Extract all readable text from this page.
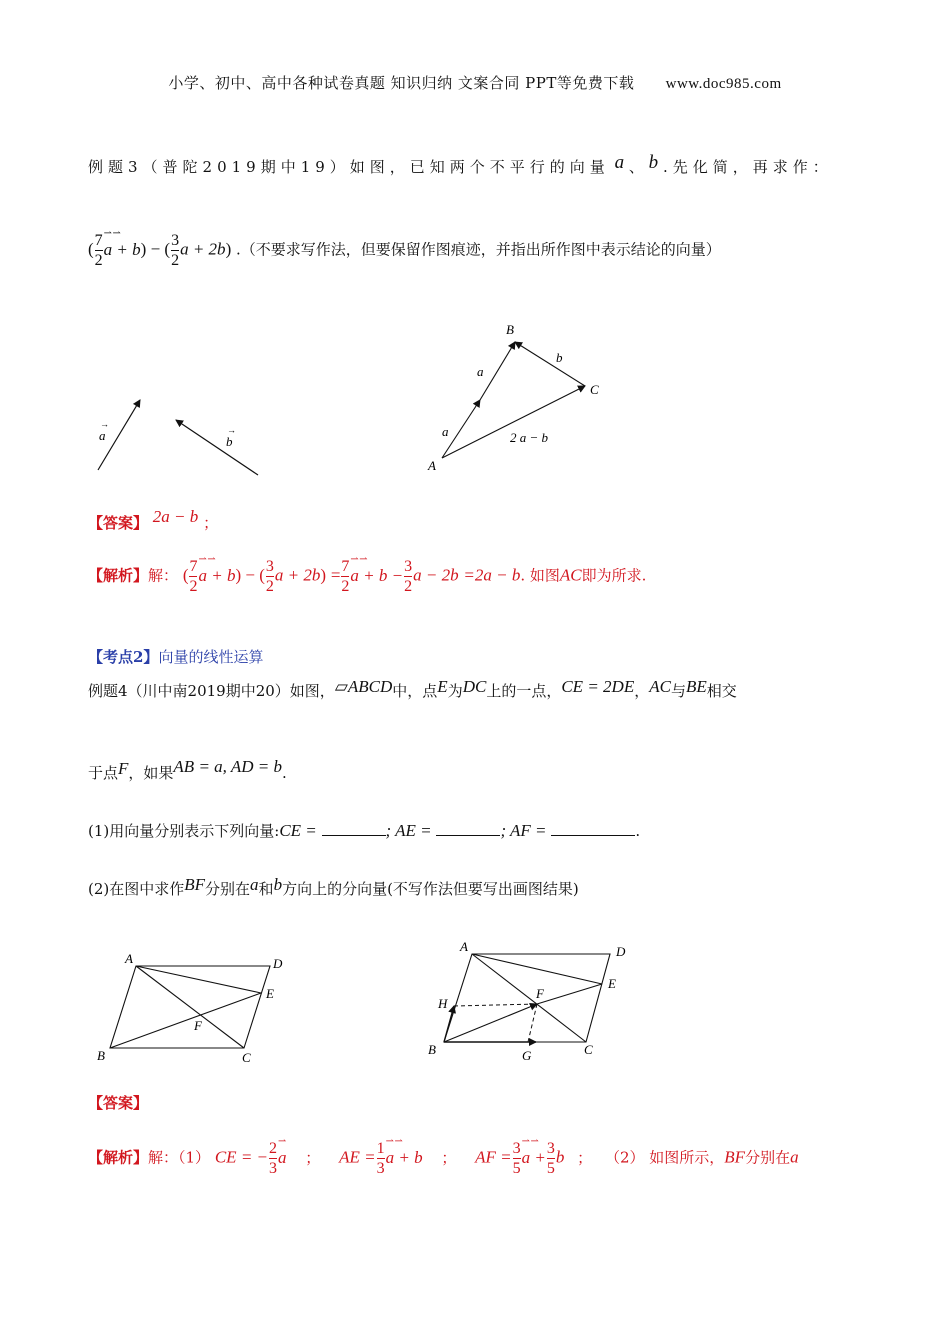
小学、初中、高中各种试卷真题 知识归纳 文案合同 PPT等免费下载 www.doc985.com
例题3（普陀2019期中19）如图，已知两个不平行的向量 a 、 b .先化简，再求作：
( $\frac{7}{2}$ ⇀ ⇀
a + b) − ( $\frac{3}{2}$ a + 2b) .（不要求写作法，但要保留作图痕迹，并指出所作图中表示结论的向量）
a
→
b
→
B
C
A
a
a
b
2 a − b
【答案】 2a − b ；
【解析】解： ( $\frac{7}{2}$ ⇀ ⇀
a + b) − ( $\frac{3}{2}$ $a + 2b) = \frac{7}{2}$ ⇀ ⇀
$a + b - \frac{3}{2}$ a − 2b =2a − b. 如图AC即为所求.
【考点2】向量的线性运算
例题4（川中南2019期中20）如图，▱ABCD中，点E为DC上的一点，CE = 2DE，AC与BE相交
于点F，如果AB = a, AD = b.
(1)用向量分别表示下列向量:CE =	; AE =	; AF =	.
(2)在图中求作BF分别在a和b方向上的分向量(不写作法但要写出画图结果)
A	D
E
F
B	C
A	D
E
F
H
B	G	C
【答案】
【解析】解：（1） CE = − $\frac{2}{3}$ ⇀
a ； AE = $\frac{1}{3}$ ⇀ ⇀
a + b ； AF = $\frac{3}{5}$ ⇀ ⇀
$a + \frac{3}{5}$ b ； （2） 如图所示，BF分别在a
